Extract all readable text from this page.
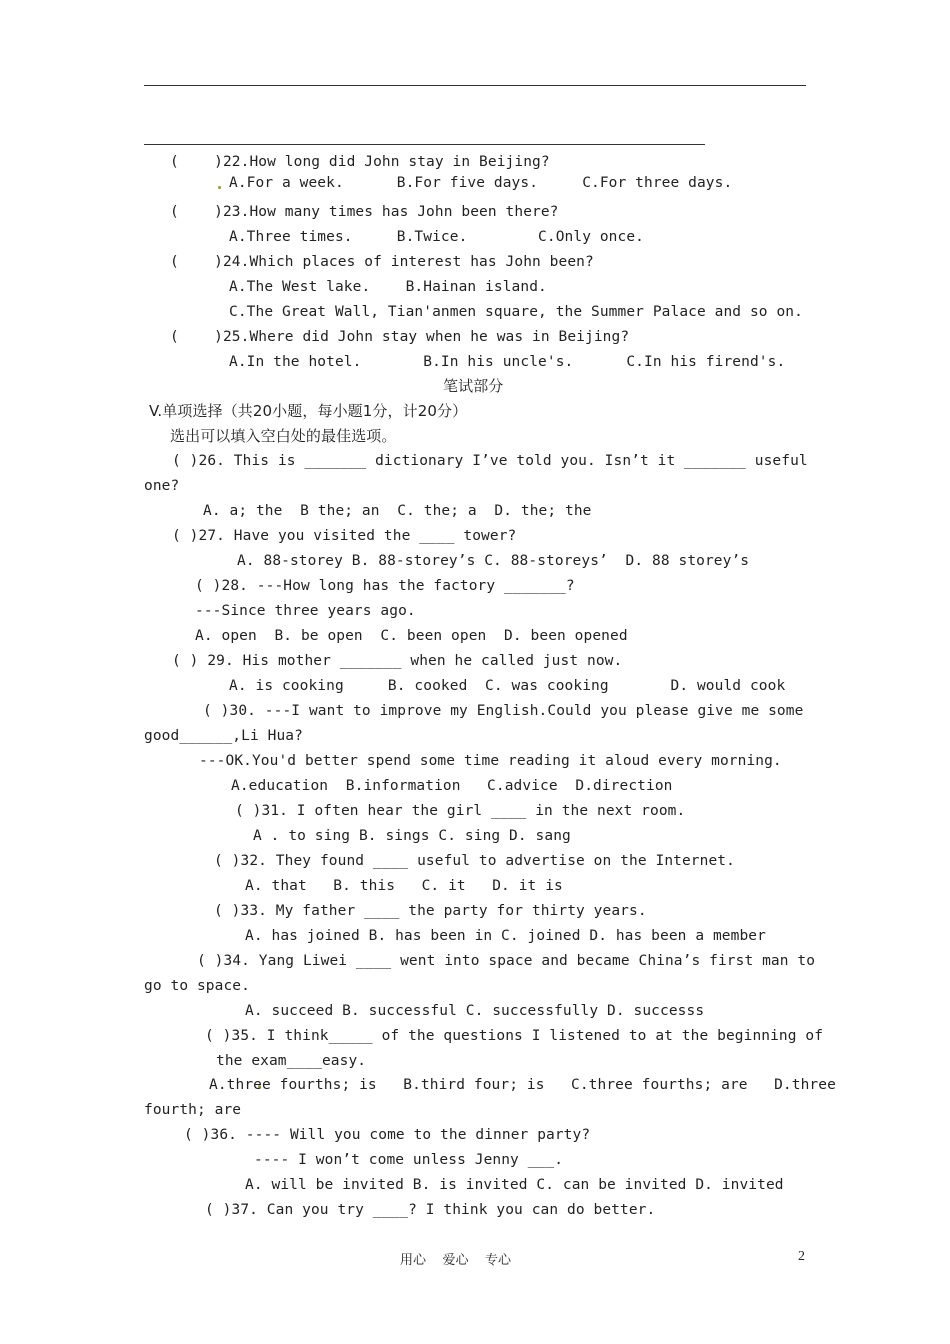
(    )22.How long did John stay in Beijing?
A.For a week.      B.For five days.     C.For three days.
(    )23.How many times has John been there?
A.Three times.     B.Twice.        C.Only once.
(    )24.Which places of interest has John been?
A.The West lake.    B.Hainan island.
C.The Great Wall, Tian'anmen square, the Summer Palace and so on.
(    )25.Where did John stay when he was in Beijing?
A.In the hotel.       B.In his uncle's.      C.In his firend's.
笔试部分
V.单项选择（共20小题，每小题1分，计20分）
选出可以填入空白处的最佳选项。
( )26. This is _______ dictionary I’ve told you. Isn’t it _______ useful
one?
A. a; the  B the; an  C. the; a  D. the; the
( )27. Have you visited the ____ tower?
A. 88-storey B. 88-storey’s C. 88-storeys’  D. 88 storey’s
( )28. ---How long has the factory _______?
---Since three years ago.
A. open  B. be open  C. been open  D. been opened
( ) 29. His mother _______ when he called just now.
A. is cooking     B. cooked  C. was cooking       D. would cook
( )30. ---I want to improve my English.Could you please give me some
good______,Li Hua?
---OK.You'd better spend some time reading it aloud every morning.
A.education  B.information   C.advice  D.direction
( )31. I often hear the girl ____ in the next room.
A . to sing B. sings C. sing D. sang
( )32. They found ____ useful to advertise on the Internet.
A. that   B. this   C. it   D. it is
( )33. My father ____ the party for thirty years.
A. has joined B. has been in C. joined D. has been a member
( )34. Yang Liwei ____ went into space and became China’s first man to
go to space.
A. succeed B. successful C. successfully D. successs
( )35. I think_____ of the questions I listened to at the beginning of
the exam____easy.
A.three fourths; is   B.third four; is   C.three fourths; are   D.three
fourth; are
( )36. ---- Will you come to the dinner party?
---- I won’t come unless Jenny ___.
A. will be invited B. is invited C. can be invited D. invited
( )37. Can you try ____? I think you can do better.
用心    爱心    专心	2
